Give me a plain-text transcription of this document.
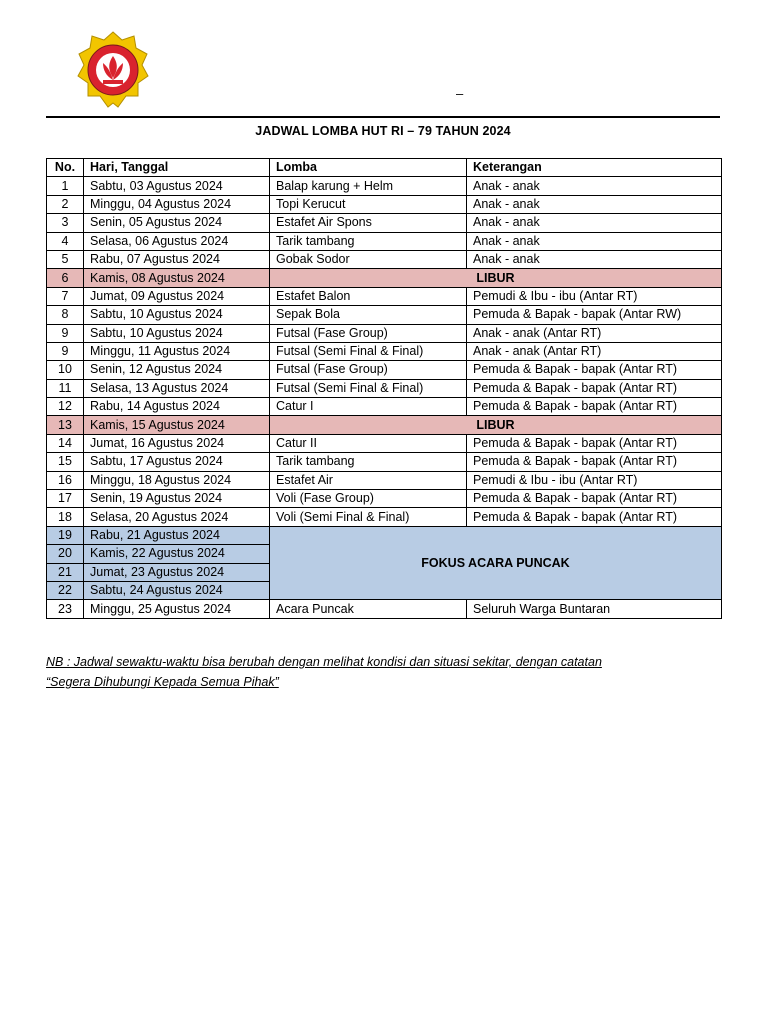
–
JADWAL LOMBA HUT RI – 79 TAHUN 2024
No.	Hari, Tanggal	Lomba	Keterangan
1	Sabtu, 03 Agustus 2024	Balap karung + Helm	Anak - anak
2	Minggu, 04 Agustus 2024	Topi Kerucut	Anak - anak
3	Senin, 05 Agustus 2024	Estafet Air Spons	Anak - anak
4	Selasa, 06 Agustus 2024	Tarik tambang	Anak - anak
5	Rabu, 07 Agustus 2024	Gobak Sodor	Anak - anak
6	Kamis, 08 Agustus 2024	LIBUR	
7	Jumat, 09 Agustus 2024	Estafet Balon	Pemudi & Ibu - ibu (Antar RT)
8	Sabtu, 10 Agustus 2024	Sepak Bola	Pemuda & Bapak - bapak (Antar RW)
9	Sabtu, 10 Agustus 2024	Futsal (Fase Group)	Anak - anak (Antar RT)
9	Minggu, 11 Agustus 2024	Futsal (Semi Final & Final)	Anak - anak (Antar RT)
10	Senin, 12 Agustus 2024	Futsal (Fase Group)	Pemuda & Bapak - bapak (Antar RT)
11	Selasa, 13 Agustus 2024	Futsal (Semi Final & Final)	Pemuda & Bapak - bapak (Antar RT)
12	Rabu, 14 Agustus 2024	Catur I	Pemuda & Bapak - bapak (Antar RT)
13	Kamis, 15 Agustus 2024	LIBUR	
14	Jumat, 16 Agustus 2024	Catur II	Pemuda & Bapak - bapak (Antar RT)
15	Sabtu, 17 Agustus 2024	Tarik tambang	Pemuda & Bapak - bapak (Antar RT)
16	Minggu, 18 Agustus 2024	Estafet Air	Pemudi & Ibu - ibu (Antar RT)
17	Senin, 19 Agustus 2024	Voli (Fase Group)	Pemuda & Bapak - bapak (Antar RT)
18	Selasa, 20 Agustus 2024	Voli (Semi Final & Final)	Pemuda & Bapak - bapak (Antar RT)
19	Rabu, 21 Agustus 2024	FOKUS ACARA PUNCAK	
20	Kamis, 22 Agustus 2024		
21	Jumat, 23 Agustus 2024		
22	Sabtu, 24 Agustus 2024		
23	Minggu, 25 Agustus 2024	Acara Puncak	Seluruh Warga Buntaran
NB : Jadwal sewaktu-waktu bisa berubah dengan melihat kondisi dan situasi sekitar, dengan catatan
“Segera Dihubungi Kepada Semua Pihak”
